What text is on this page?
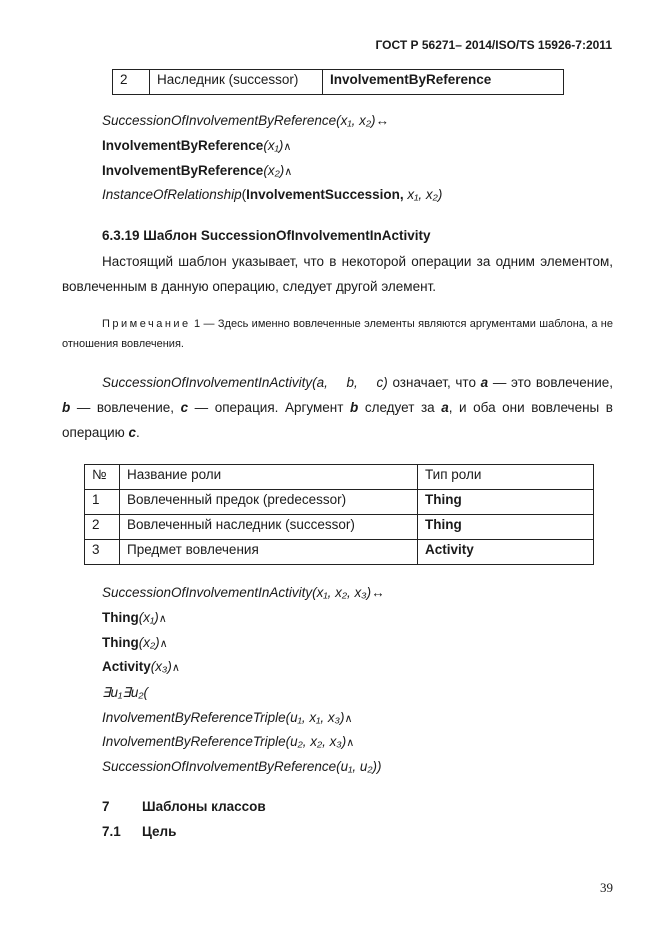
ГОСТ Р 56271– 2014/ISO/TS 15926-7:2011
2	Наследник (successor)	InvolvementByReference
SuccessionOfInvolvementByReference(x₁, x₂)↔
InvolvementByReference(x₁)∧
InvolvementByReference(x₂)∧
InstanceOfRelationship(InvolvementSuccession, x₁, x₂)
6.3.19 Шаблон SuccessionOfInvolvementInActivity
Настоящий шаблон указывает, что в некоторой операции за одним элементом, вовлеченным в данную операцию, следует другой элемент.
Примечание 1 — Здесь именно вовлеченные элементы являются аргументами шаблона, а не отношения вовлечения.
SuccessionOfInvolvementInActivity(a, b, c) означает, что a — это вовлечение, b — вовлечение, c — операция. Аргумент b следует за a, и оба они вовлечены в операцию c.
№	Название роли	Тип роли
1	Вовлеченный предок (predecessor)	Thing
2	Вовлеченный наследник (successor)	Thing
3	Предмет вовлечения	Activity
SuccessionOfInvolvementInActivity(x₁, x₂, x₃)↔
Thing(x₁)∧
Thing(x₂)∧
Activity(x₃)∧
∃u₁∃u₂(
InvolvementByReferenceTriple(u₁, x₁, x₃)∧
InvolvementByReferenceTriple(u₂, x₂, x₃)∧
SuccessionOfInvolvementByReference(u₁, u₂))
7 Шаблоны классов
7.1 Цель
39
